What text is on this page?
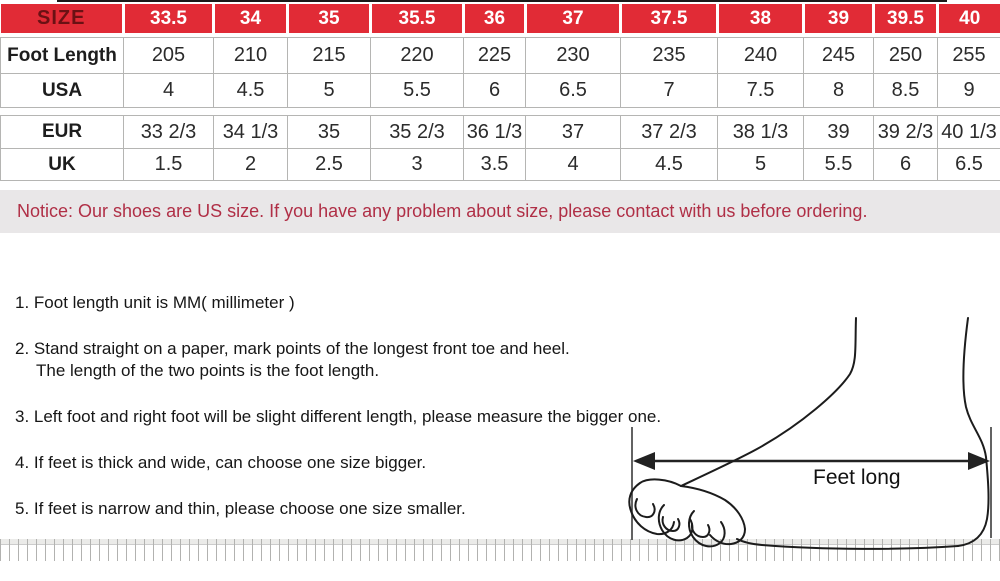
SIZE	33.5	34	35	35.5	36	37	37.5	38	39	39.5	40

Foot Length	205	210	215	220	225	230	235	240	245	250	255
USA	4	4.5	5	5.5	6	6.5	7	7.5	8	8.5	9

EUR	33 2/3	34 1/3	35	35 2/3	36 1/3	37	37 2/3	38 1/3	39	39 2/3	40 1/3
UK	1.5	2	2.5	3	3.5	4	4.5	5	5.5	6	6.5
Notice: Our shoes are US size. If you have any problem about size, please contact with us before ordering.

1. Foot length unit is MM( millimeter )

2. Stand straight on a paper, mark points of the longest front toe and heel.
The length of the two points is the foot length.

3. Left foot and right foot will be slight different length, please measure the bigger one.

4. If feet is thick and wide, can choose one size bigger.

5. If feet is narrow and thin, please choose one size smaller.

Feet long
